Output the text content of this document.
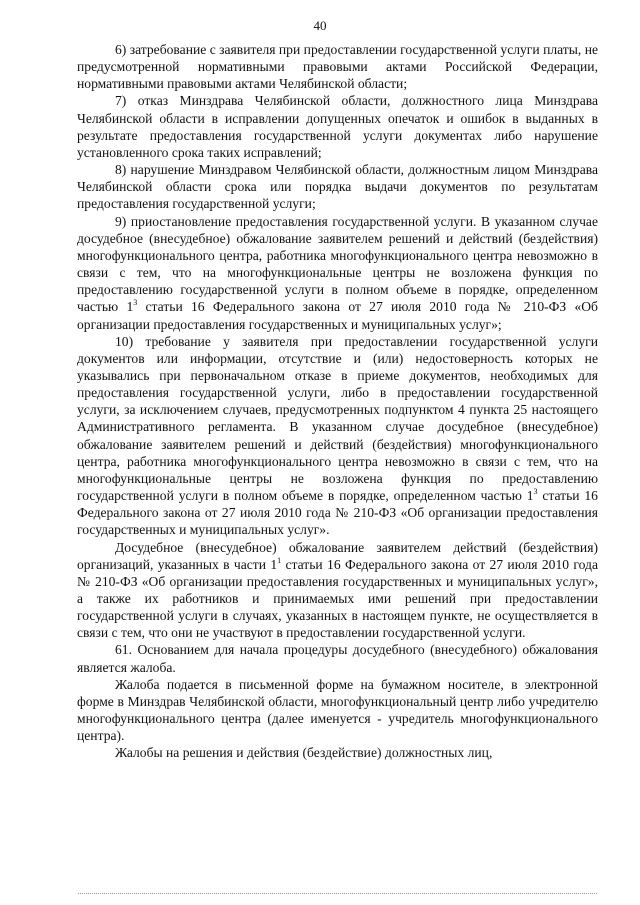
40

6) затребование с заявителя при предоставлении государственной услуги платы, не предусмотренной нормативными правовыми актами Российской Федерации, нормативными правовыми актами Челябинской области;

7) отказ Минздрава Челябинской области, должностного лица Минздрава Челябинской области в исправлении допущенных опечаток и ошибок в выданных в результате предоставления государственной услуги документах либо нарушение установленного срока таких исправлений;

8) нарушение Минздравом Челябинской области, должностным лицом Минздрава Челябинской области срока или порядка выдачи документов по результатам предоставления государственной услуги;

9) приостановление предоставления государственной услуги. В указанном случае досудебное (внесудебное) обжалование заявителем решений и действий (бездействия) многофункционального центра, работника многофункционального центра невозможно в связи с тем, что на многофункциональные центры не возложена функция по предоставлению государственной услуги в полном объеме в порядке, определенном частью $1^3$ статьи 16 Федерального закона от 27 июля 2010 года № 210-ФЗ «Об организации предоставления государственных и муниципальных услуг»;

10) требование у заявителя при предоставлении государственной услуги документов или информации, отсутствие и (или) недостоверность которых не указывались при первоначальном отказе в приеме документов, необходимых для предоставления государственной услуги, либо в предоставлении государственной услуги, за исключением случаев, предусмотренных подпунктом 4 пункта 25 настоящего Административного регламента. В указанном случае досудебное (внесудебное) обжалование заявителем решений и действий (бездействия) многофункционального центра, работника многофункционального центра невозможно в связи с тем, что на многофункциональные центры не возложена функция по предоставлению государственной услуги в полном объеме в порядке, определенном частью $1^3$ статьи 16 Федерального закона от 27 июля 2010 года № 210-ФЗ «Об организации предоставления государственных и муниципальных услуг».

Досудебное (внесудебное) обжалование заявителем действий (бездействия) организаций, указанных в части $1^1$ статьи 16 Федерального закона от 27 июля 2010 года № 210-ФЗ «Об организации предоставления государственных и муниципальных услуг», а также их работников и принимаемых ими решений при предоставлении государственной услуги в случаях, указанных в настоящем пункте, не осуществляется в связи с тем, что они не участвуют в предоставлении государственной услуги.

61. Основанием для начала процедуры досудебного (внесудебного) обжалования является жалоба.

Жалоба подается в письменной форме на бумажном носителе, в электронной форме в Минздрав Челябинской области, многофункциональный центр либо учредителю многофункционального центра (далее именуется - учредитель многофункционального центра).

Жалобы на решения и действия (бездействие) должностных лиц,
